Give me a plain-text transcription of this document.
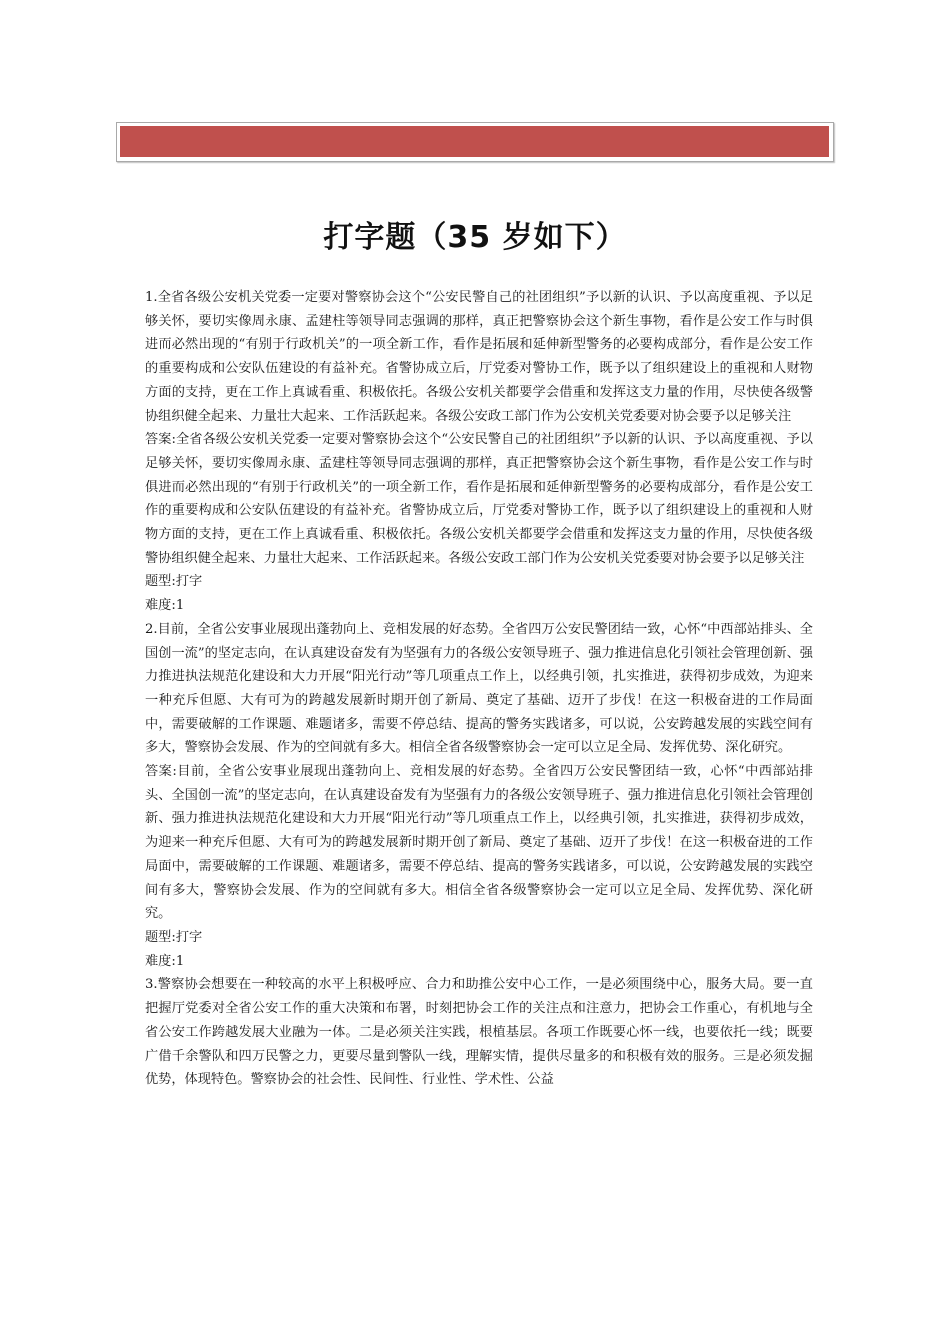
打字题（35 岁如下）

1.全省各级公安机关党委一定要对警察协会这个“公安民警自己的社团组织”予以新的认识、予以高度重视、予以足够关怀，要切实像周永康、孟建柱等领导同志强调的那样，真正把警察协会这个新生事物，看作是公安工作与时俱进而必然出现的“有别于行政机关”的一项全新工作，看作是拓展和延伸新型警务的必要构成部分，看作是公安工作的重要构成和公安队伍建设的有益补充。省警协成立后，厅党委对警协工作，既予以了组织建设上的重视和人财物方面的支持，更在工作上真诚看重、积极依托。各级公安机关都要学会借重和发挥这支力量的作用，尽快使各级警协组织健全起来、力量壮大起来、工作活跃起来。各级公安政工部门作为公安机关党委要对协会要予以足够关注

答案:全省各级公安机关党委一定要对警察协会这个“公安民警自己的社团组织”予以新的认识、予以高度重视、予以足够关怀，要切实像周永康、孟建柱等领导同志强调的那样，真正把警察协会这个新生事物，看作是公安工作与时俱进而必然出现的“有别于行政机关”的一项全新工作，看作是拓展和延伸新型警务的必要构成部分，看作是公安工作的重要构成和公安队伍建设的有益补充。省警协成立后，厅党委对警协工作，既予以了组织建设上的重视和人财物方面的支持，更在工作上真诚看重、积极依托。各级公安机关都要学会借重和发挥这支力量的作用，尽快使各级警协组织健全起来、力量壮大起来、工作活跃起来。各级公安政工部门作为公安机关党委要对协会要予以足够关注

题型:打字

难度:1

2.目前，全省公安事业展现出蓬勃向上、竞相发展的好态势。全省四万公安民警团结一致，心怀“中西部站排头、全国创一流”的坚定志向，在认真建设奋发有为坚强有力的各级公安领导班子、强力推进信息化引领社会管理创新、强力推进执法规范化建设和大力开展“阳光行动”等几项重点工作上，以经典引领，扎实推进，获得初步成效，为迎来一种充斥但愿、大有可为的跨越发展新时期开创了新局、奠定了基础、迈开了步伐！在这一积极奋进的工作局面中，需要破解的工作课题、难题诸多，需要不停总结、提高的警务实践诸多，可以说，公安跨越发展的实践空间有多大，警察协会发展、作为的空间就有多大。相信全省各级警察协会一定可以立足全局、发挥优势、深化研究。

答案:目前，全省公安事业展现出蓬勃向上、竞相发展的好态势。全省四万公安民警团结一致，心怀“中西部站排头、全国创一流”的坚定志向，在认真建设奋发有为坚强有力的各级公安领导班子、强力推进信息化引领社会管理创新、强力推进执法规范化建设和大力开展“阳光行动”等几项重点工作上，以经典引领，扎实推进，获得初步成效，为迎来一种充斥但愿、大有可为的跨越发展新时期开创了新局、奠定了基础、迈开了步伐！在这一积极奋进的工作局面中，需要破解的工作课题、难题诸多，需要不停总结、提高的警务实践诸多，可以说，公安跨越发展的实践空间有多大，警察协会发展、作为的空间就有多大。相信全省各级警察协会一定可以立足全局、发挥优势、深化研究。

题型:打字

难度:1

3.警察协会想要在一种较高的水平上积极呼应、合力和助推公安中心工作，一是必须围绕中心，服务大局。要一直把握厅党委对全省公安工作的重大决策和布署，时刻把协会工作的关注点和注意力，把协会工作重心，有机地与全省公安工作跨越发展大业融为一体。二是必须关注实践，根植基层。各项工作既要心怀一线，也要依托一线；既要广借千余警队和四万民警之力，更要尽量到警队一线，理解实情，提供尽量多的和积极有效的服务。三是必须发掘优势，体现特色。警察协会的社会性、民间性、行业性、学术性、公益
